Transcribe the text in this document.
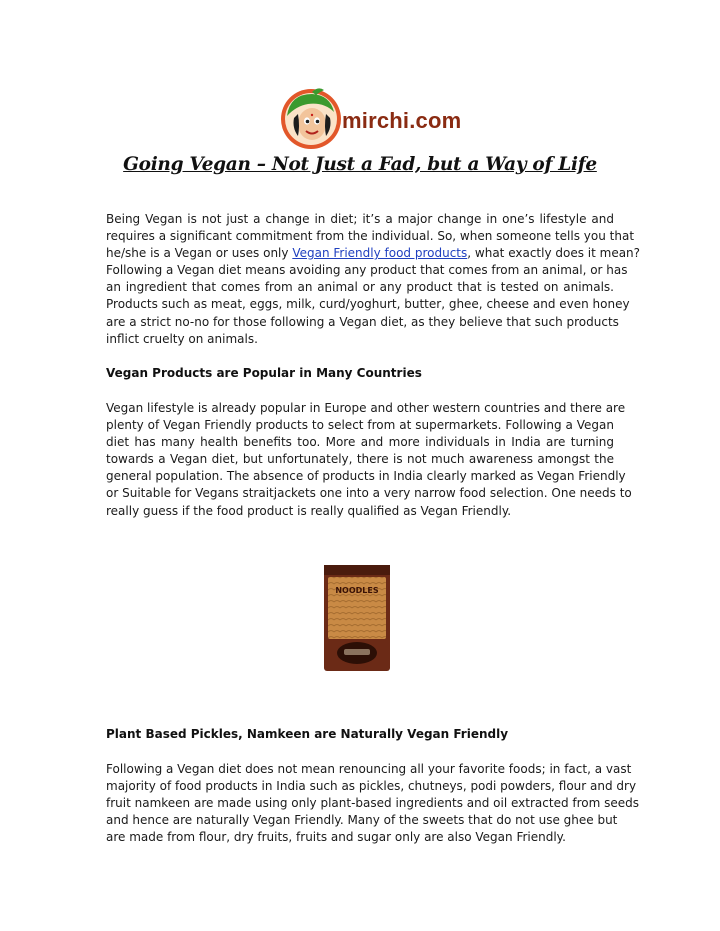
mirchi.com
Going Vegan – Not Just a Fad, but a Way of Life
Being Vegan is not just a change in diet; it’s a major change in one’s lifestyle and
requires a significant commitment from the individual. So, when someone tells you that
he/she is a Vegan or uses only Vegan Friendly food products, what exactly does it mean?
Following a Vegan diet means avoiding any product that comes from an animal, or has
an ingredient that comes from an animal or any product that is tested on animals.
Products such as meat, eggs, milk, curd/yoghurt, butter, ghee, cheese and even honey
are a strict no-no for those following a Vegan diet, as they believe that such products
inflict cruelty on animals.
Vegan Products are Popular in Many Countries
Vegan lifestyle is already popular in Europe and other western countries and there are
plenty of Vegan Friendly products to select from at supermarkets. Following a Vegan
diet has many health benefits too. More and more individuals in India are turning
towards a Vegan diet, but unfortunately, there is not much awareness amongst the
general population. The absence of products in India clearly marked as Vegan Friendly
or Suitable for Vegans straitjackets one into a very narrow food selection. One needs to
really guess if the food product is really qualified as Vegan Friendly.
NOODLES
Plant Based Pickles, Namkeen are Naturally Vegan Friendly
Following a Vegan diet does not mean renouncing all your favorite foods; in fact, a vast
majority of food products in India such as pickles, chutneys, podi powders, flour and dry
fruit namkeen are made using only plant-based ingredients and oil extracted from seeds
and hence are naturally Vegan Friendly. Many of the sweets that do not use ghee but
are made from flour, dry fruits, fruits and sugar only are also Vegan Friendly.
